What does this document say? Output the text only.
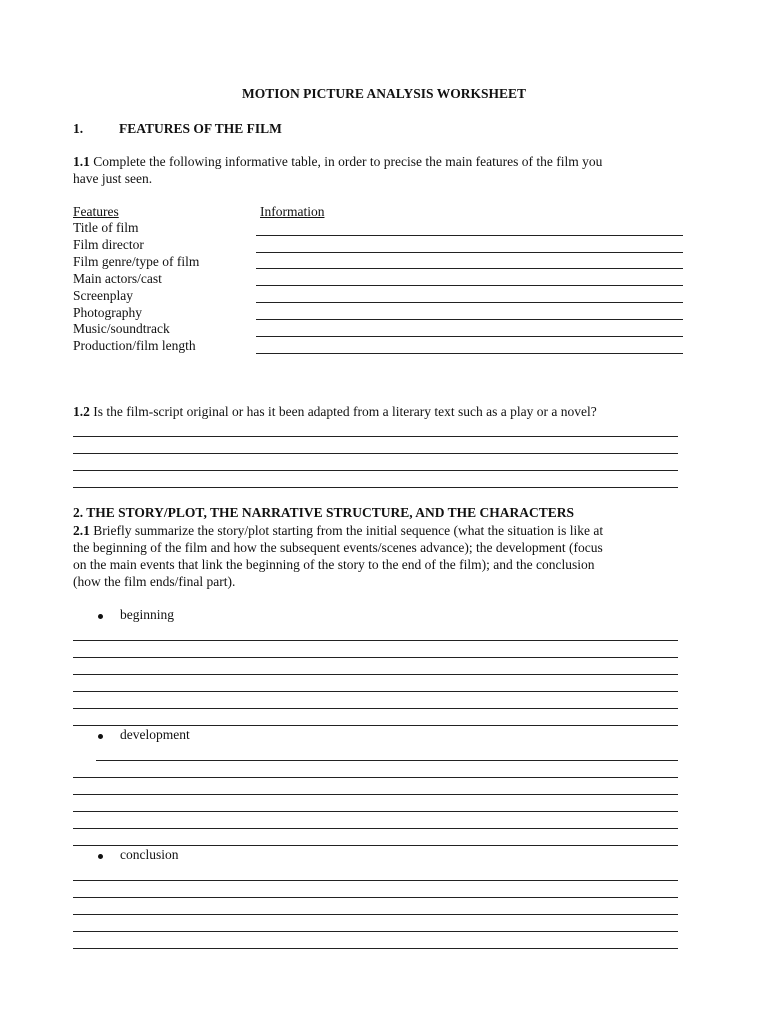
MOTION PICTURE ANALYSIS WORKSHEET
1.	FEATURES OF THE FILM
1.1 Complete the following informative table, in order to precise the main features of the film you
have just seen.
Features	Information
Title of film
Film director
Film genre/type of film
Main actors/cast
Screenplay
Photography
Music/soundtrack
Production/film length
1.2 Is the film-script original or has it been adapted from a literary text such as a play or a novel?
2. THE STORY/PLOT, THE NARRATIVE STRUCTURE, AND THE CHARACTERS
2.1 Briefly summarize the story/plot starting from the initial sequence (what the situation is like at
the beginning of the film and how the subsequent events/scenes advance); the development (focus
on the main events that link the beginning of the story to the end of the film); and the conclusion
(how the film ends/final part).
beginning
development
conclusion
